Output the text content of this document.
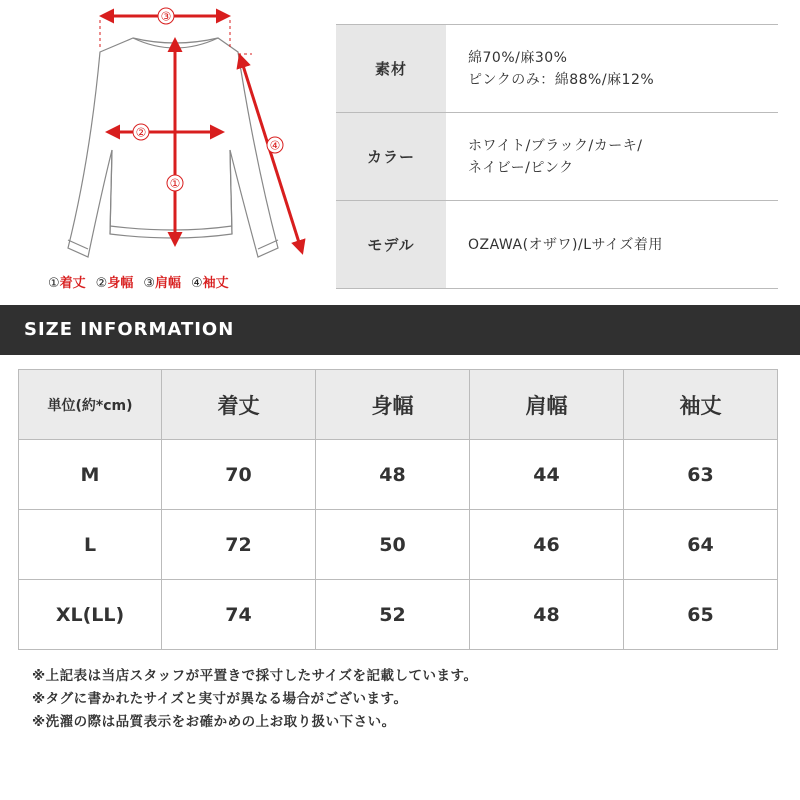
③
①
②
④
①着丈 ②身幅 ③肩幅 ④袖丈
素材	綿70%/麻30%
ピンクのみ：綿88%/麻12%

カラー	ホワイト/ブラック/カーキ/
ネイビー/ピンク

モデル	OZAWA(オザワ)/Lサイズ着用
SIZE INFORMATION
単位(約*cm)	着丈	身幅	肩幅	袖丈
M	70	48	44	63
L	72	50	46	64
XL(LL)	74	52	48	65
※上記表は当店スタッフが平置きで採寸したサイズを記載しています。
※タグに書かれたサイズと実寸が異なる場合がございます。
※洗濯の際は品質表示をお確かめの上お取り扱い下さい。
